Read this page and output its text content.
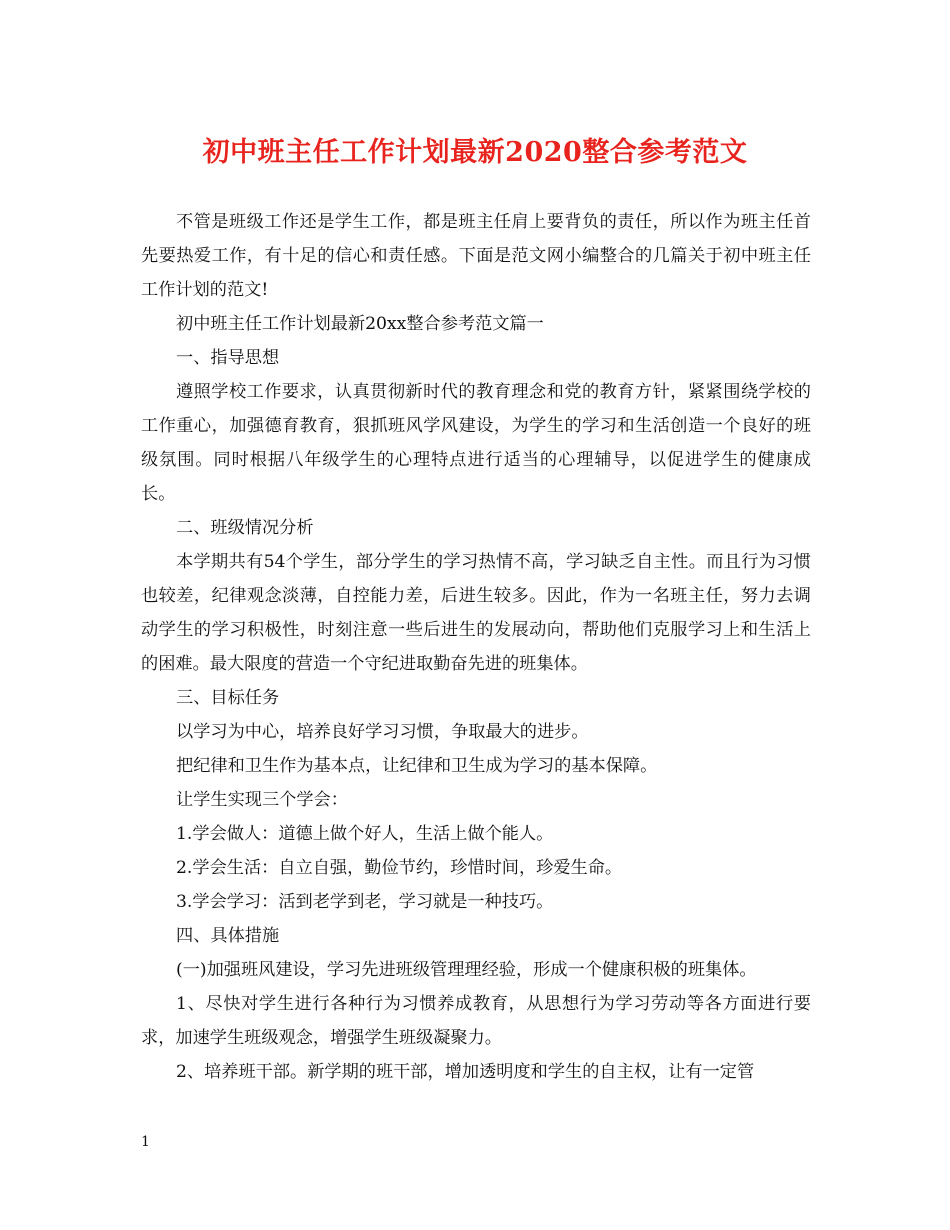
初中班主任工作计划最新2020整合参考范文

不管是班级工作还是学生工作，都是班主任肩上要背负的责任，所以作为班主任首先要热爱工作，有十足的信心和责任感。下面是范文网小编整合的几篇关于初中班主任工作计划的范文!

初中班主任工作计划最新20xx整合参考范文篇一

一、指导思想

遵照学校工作要求，认真贯彻新时代的教育理念和党的教育方针，紧紧围绕学校的工作重心，加强德育教育，狠抓班风学风建设，为学生的学习和生活创造一个良好的班级氛围。同时根据八年级学生的心理特点进行适当的心理辅导，以促进学生的健康成长。

二、班级情况分析

本学期共有54个学生，部分学生的学习热情不高，学习缺乏自主性。而且行为习惯也较差，纪律观念淡薄，自控能力差，后进生较多。因此，作为一名班主任，努力去调动学生的学习积极性，时刻注意一些后进生的发展动向，帮助他们克服学习上和生活上的困难。最大限度的营造一个守纪进取勤奋先进的班集体。

三、目标任务

以学习为中心，培养良好学习习惯，争取最大的进步。

把纪律和卫生作为基本点，让纪律和卫生成为学习的基本保障。

让学生实现三个学会：

1.学会做人：道德上做个好人，生活上做个能人。

2.学会生活：自立自强，勤俭节约，珍惜时间，珍爱生命。

3.学会学习：活到老学到老，学习就是一种技巧。

四、具体措施

(一)加强班风建设，学习先进班级管理理经验，形成一个健康积极的班集体。

1、尽快对学生进行各种行为习惯养成教育，从思想行为学习劳动等各方面进行要求，加速学生班级观念，增强学生班级凝聚力。

2、培养班干部。新学期的班干部，增加透明度和学生的自主权，让有一定管

1
